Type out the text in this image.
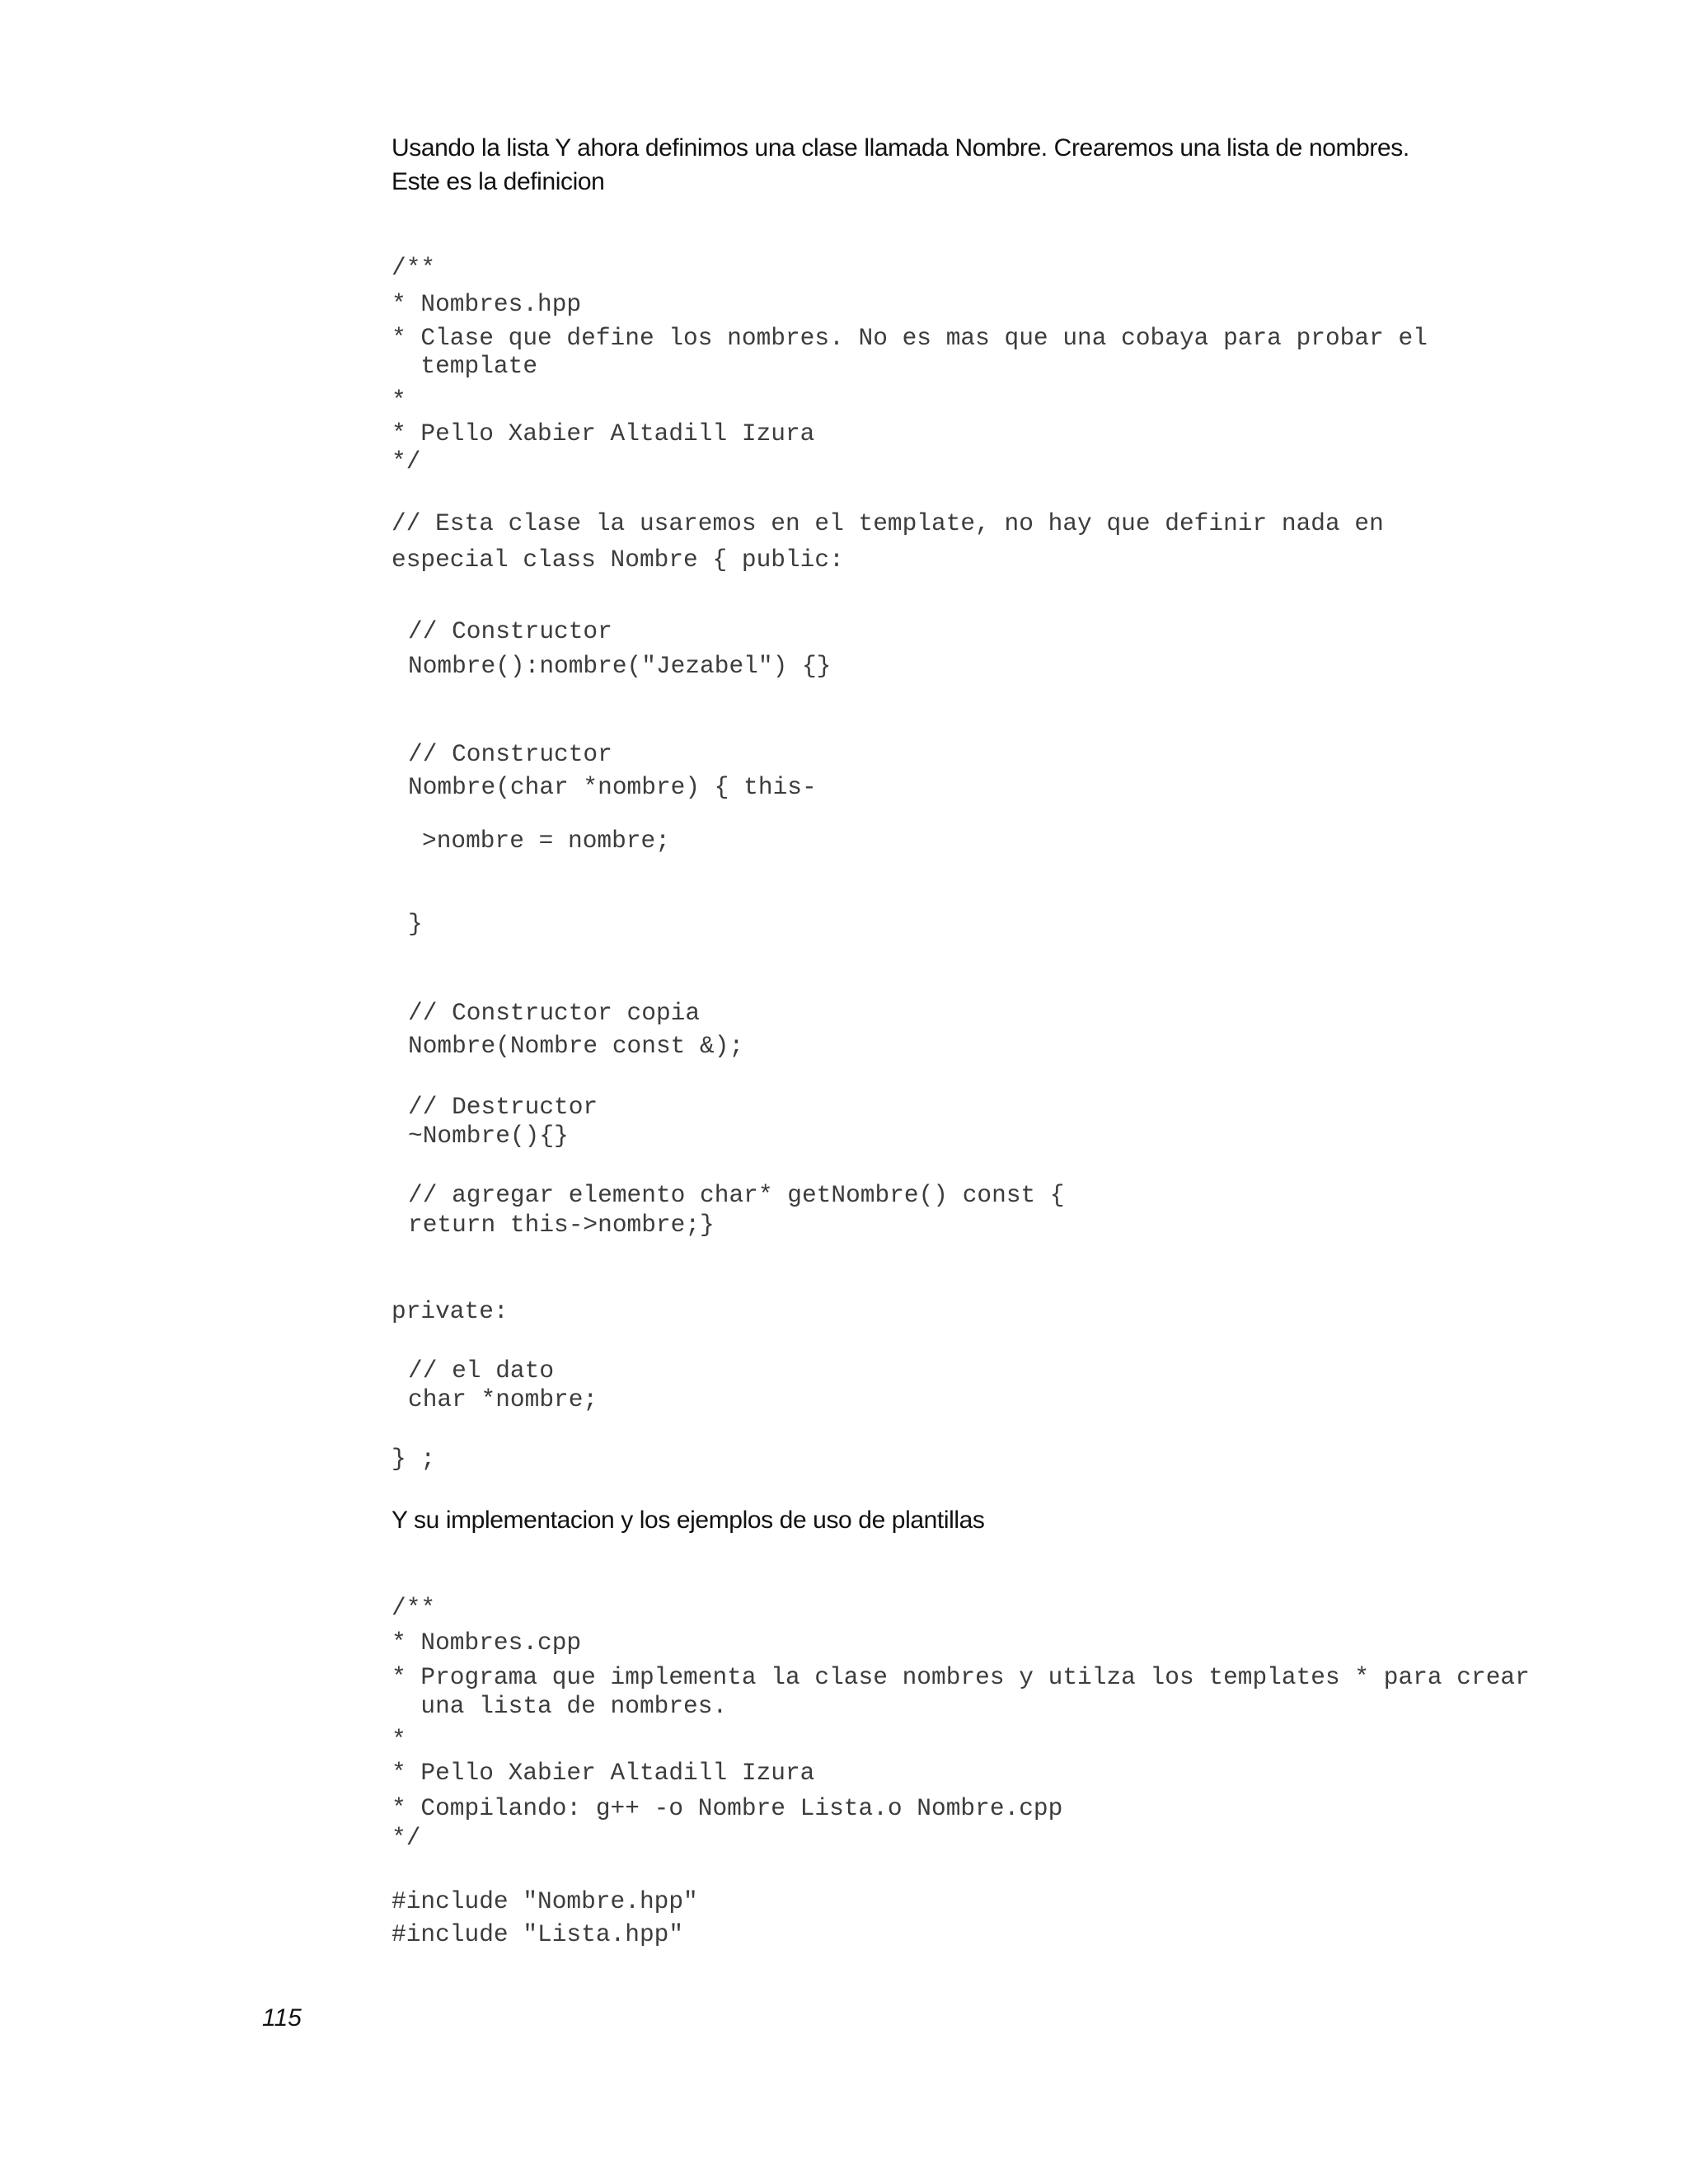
Usando la lista Y ahora definimos una clase llamada Nombre. Crearemos una lista de nombres.
Este es la definicion
/**
* Nombres.hpp
* Clase que define los nombres. No es mas que una cobaya para probar el
template
*
* Pello Xabier Altadill Izura
*/
// Esta clase la usaremos en el template, no hay que definir nada en
especial class Nombre { public:
// Constructor
Nombre():nombre("Jezabel") {}
// Constructor
Nombre(char *nombre) { this-
>nombre = nombre;
}
// Constructor copia
Nombre(Nombre const &);
// Destructor
~Nombre(){}
// agregar elemento char* getNombre() const {
return this->nombre;}
private:
// el dato
char *nombre;
} ;
Y su implementacion y los ejemplos de uso de plantillas
/**
* Nombres.cpp
* Programa que implementa la clase nombres y utilza los templates * para crear
una lista de nombres.
*
* Pello Xabier Altadill Izura
* Compilando: g++ -o Nombre Lista.o Nombre.cpp
*/
#include "Nombre.hpp"
#include "Lista.hpp"
115
